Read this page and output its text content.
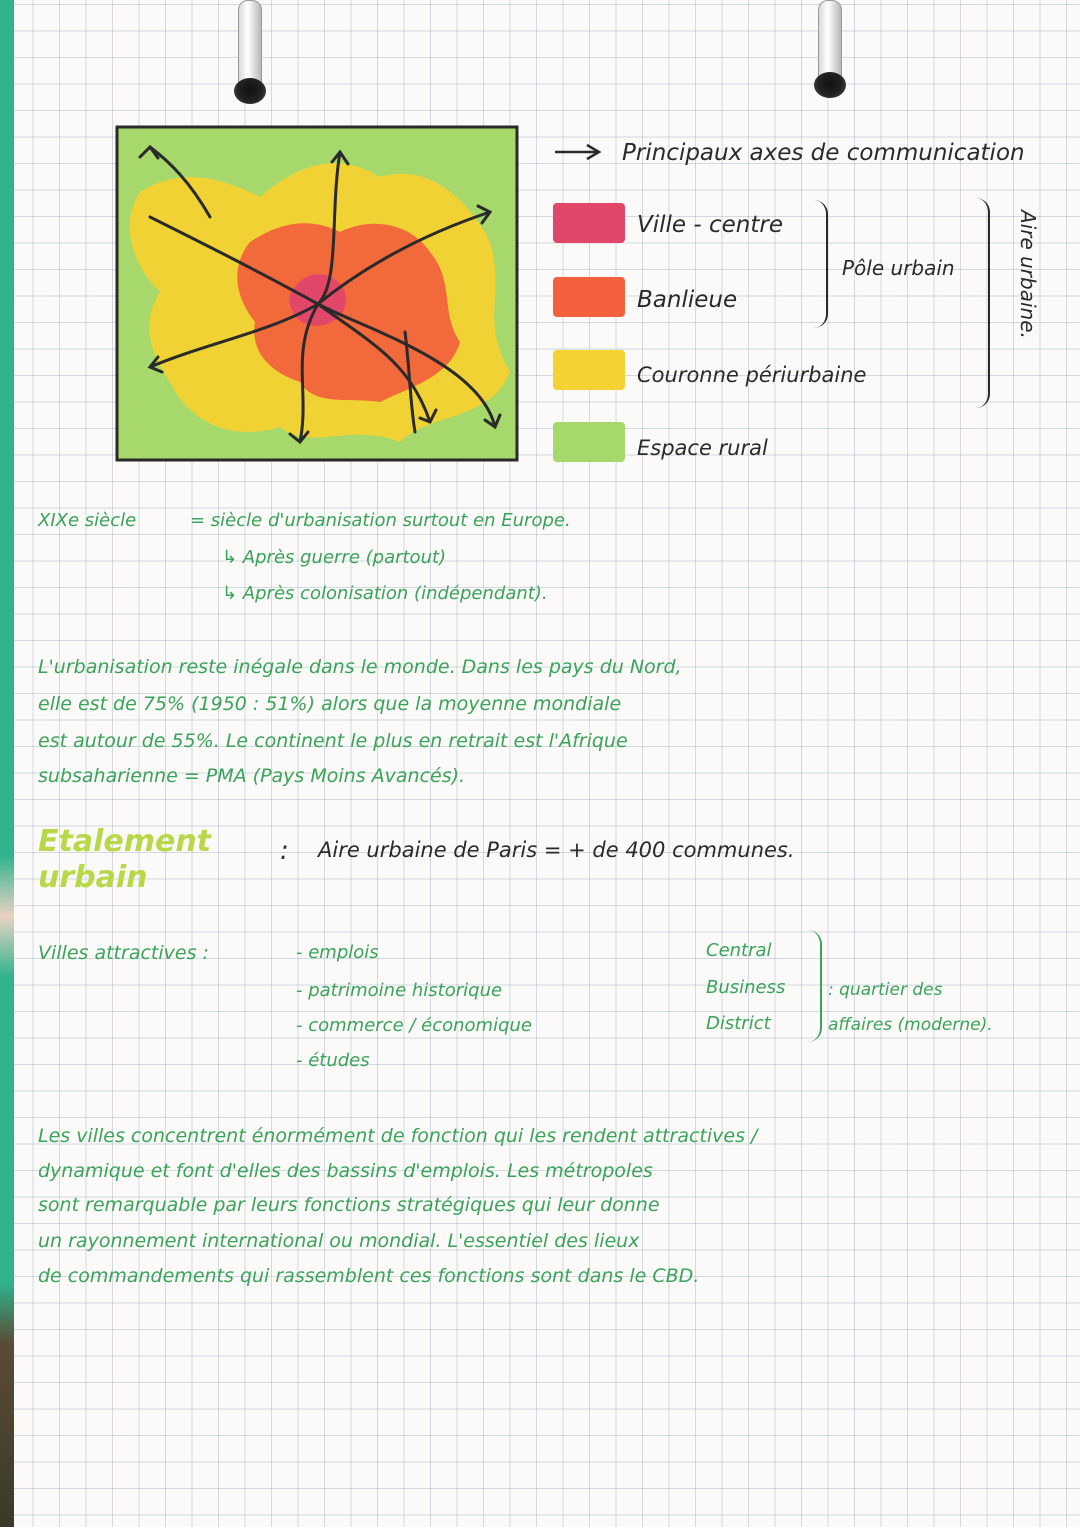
Principaux axes de communication
Ville - centre
Banlieue
Couronne périurbaine
Espace rural
Pôle urbain	Aire urbaine.
XIXe siècle	= siècle d'urbanisation surtout en Europe.
↳ Après guerre (partout)
↳ Après colonisation (indépendant).
L'urbanisation reste inégale dans le monde. Dans les pays du Nord,
elle est de 75% (1950 : 51%) alors que la moyenne mondiale
est autour de 55%. Le continent le plus en retrait est l'Afrique
subsaharienne = PMA (Pays Moins Avancés).
Etalement
urbain
: Aire urbaine de Paris = + de 400 communes.
Villes attractives :	- emplois
- patrimoine historique
- commerce / économique
- études
Central
Business
District
: quartier des
affaires (moderne).
Les villes concentrent énormément de fonction qui les rendent attractives /
dynamique et font d'elles des bassins d'emplois. Les métropoles
sont remarquable par leurs fonctions stratégiques qui leur donne
un rayonnement international ou mondial. L'essentiel des lieux
de commandements qui rassemblent ces fonctions sont dans le CBD.
